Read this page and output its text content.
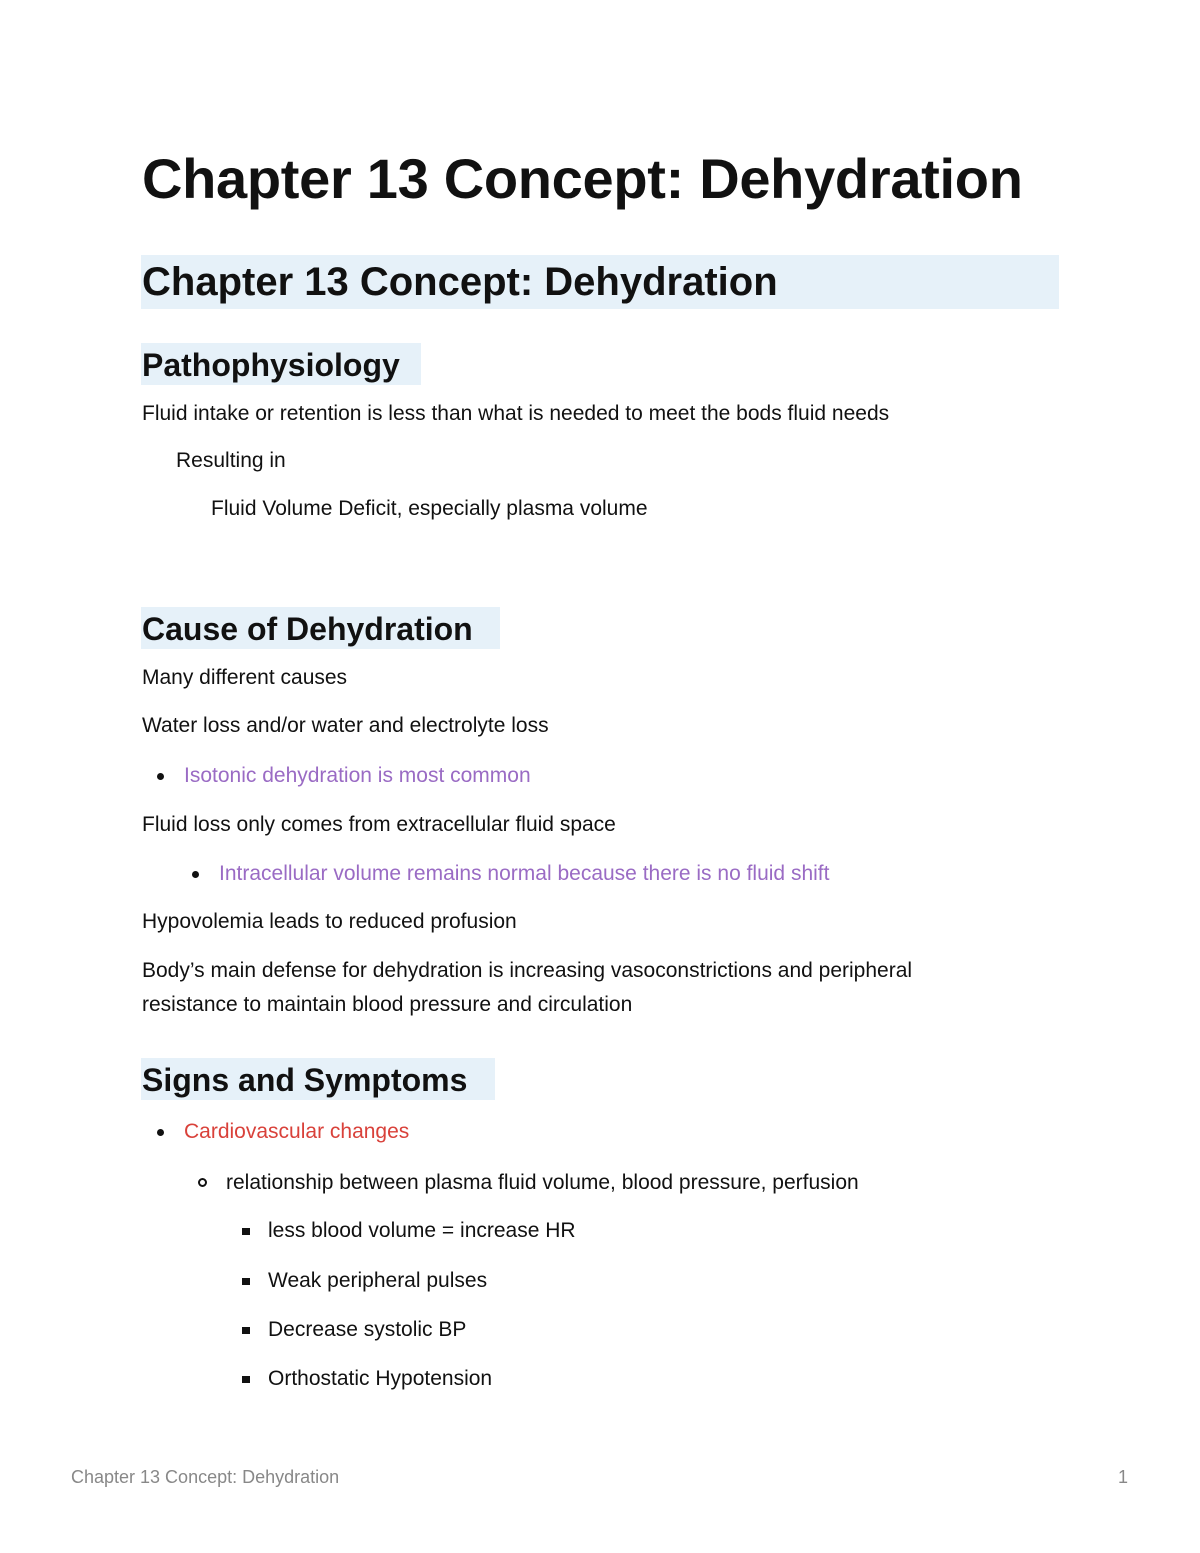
Chapter 13 Concept: Dehydration
Chapter 13 Concept: Dehydration
Pathophysiology
Fluid intake or retention is less than what is needed to meet the bods fluid needs
Resulting in
Fluid Volume Deficit, especially plasma volume
Cause of Dehydration
Many different causes
Water loss and/or water and electrolyte loss
Isotonic dehydration is most common
Fluid loss only comes from extracellular fluid space
Intracellular volume remains normal because there is no fluid shift
Hypovolemia leads to reduced profusion
Body’s main defense for dehydration is increasing vasoconstrictions and peripheral
resistance to maintain blood pressure and circulation
Signs and Symptoms
Cardiovascular changes
relationship between plasma fluid volume, blood pressure, perfusion
less blood volume = increase HR
Weak peripheral pulses
Decrease systolic BP
Orthostatic Hypotension
Chapter 13 Concept: Dehydration	1
